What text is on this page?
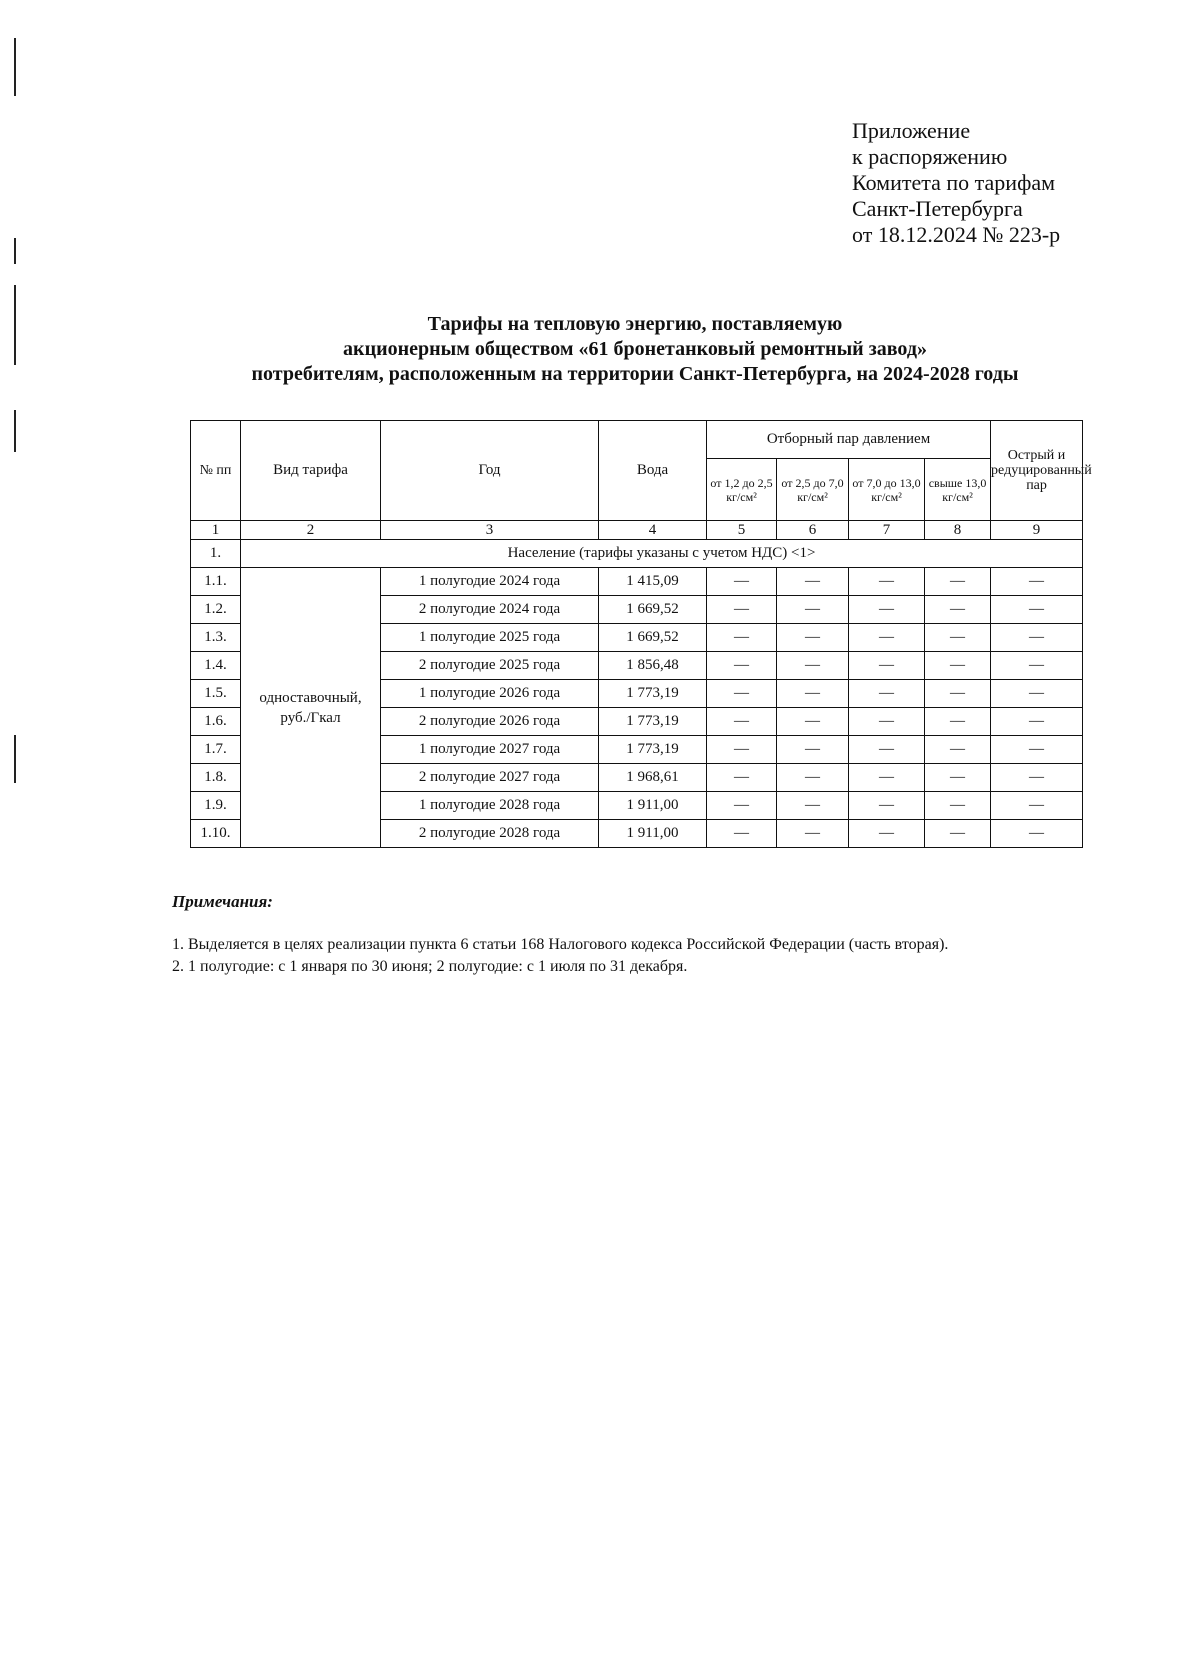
Приложение
к распоряжению
Комитета по тарифам
Санкт-Петербурга
от 18.12.2024 № 223-р
Тарифы на тепловую энергию, поставляемую
акционерным обществом «61 бронетанковый ремонтный завод»
потребителям, расположенным на территории Санкт-Петербурга, на 2024-2028 годы
№ пп	Вид тарифа	Год	Вода	Отборный пар давлением				Острый и редуцированный пар
				от 1,2 до 2,5 кг/см²	от 2,5 до 7,0 кг/см²	от 7,0 до 13,0 кг/см²	свыше 13,0 кг/см²	
1	2	3	4	5	6	7	8	9
1.	Население (тарифы указаны с учетом НДС) <1>							
1.1.	одноставочный, руб./Гкал	1 полугодие 2024 года	1 415,09	—	—	—	—	—
1.2.		2 полугодие 2024 года	1 669,52	—	—	—	—	—
1.3.		1 полугодие 2025 года	1 669,52	—	—	—	—	—
1.4.		2 полугодие 2025 года	1 856,48	—	—	—	—	—
1.5.		1 полугодие 2026 года	1 773,19	—	—	—	—	—
1.6.		2 полугодие 2026 года	1 773,19	—	—	—	—	—
1.7.		1 полугодие 2027 года	1 773,19	—	—	—	—	—
1.8.		2 полугодие 2027 года	1 968,61	—	—	—	—	—
1.9.		1 полугодие 2028 года	1 911,00	—	—	—	—	—
1.10.		2 полугодие 2028 года	1 911,00	—	—	—	—	—
Примечания:
1. Выделяется в целях реализации пункта 6 статьи 168 Налогового кодекса Российской Федерации (часть вторая).
2. 1 полугодие: с 1 января по 30 июня; 2 полугодие: с 1 июля по 31 декабря.
